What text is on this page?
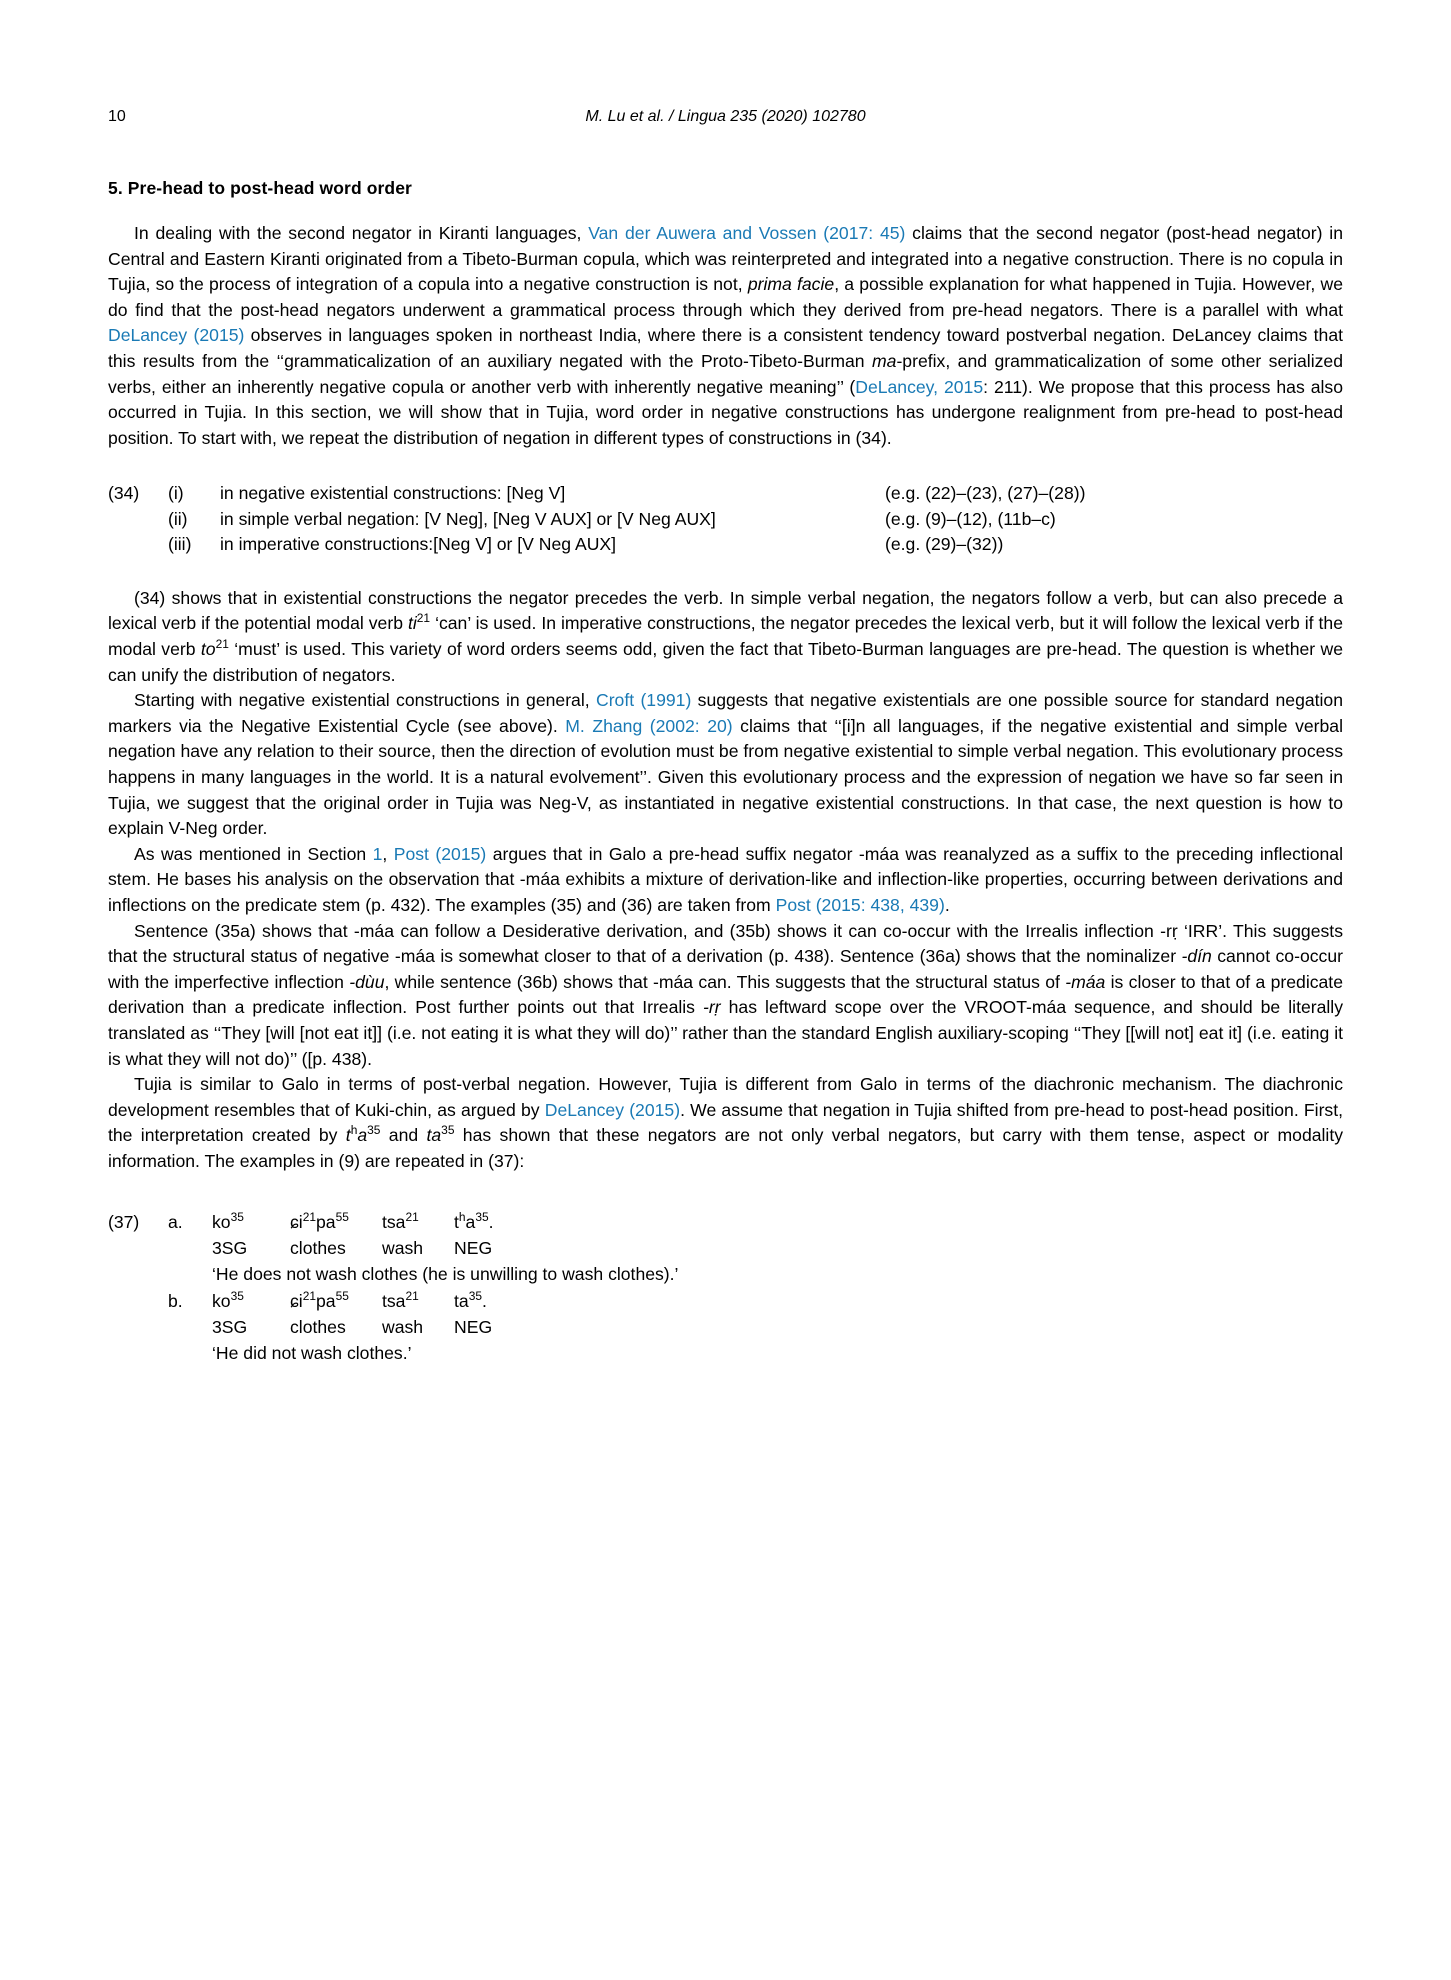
10	M. Lu et al. / Lingua 235 (2020) 102780
5. Pre-head to post-head word order

In dealing with the second negator in Kiranti languages, Van der Auwera and Vossen (2017: 45) claims that the second negator (post-head negator) in Central and Eastern Kiranti originated from a Tibeto-Burman copula, which was reinterpreted and integrated into a negative construction. There is no copula in Tujia, so the process of integration of a copula into a negative construction is not, prima facie, a possible explanation for what happened in Tujia. However, we do find that the post-head negators underwent a grammatical process through which they derived from pre-head negators. There is a parallel with what DeLancey (2015) observes in languages spoken in northeast India, where there is a consistent tendency toward postverbal negation. DeLancey claims that this results from the ‘‘grammaticalization of an auxiliary negated with the Proto-Tibeto-Burman ma-prefix, and grammaticalization of some other serialized verbs, either an inherently negative copula or another verb with inherently negative meaning’’ (DeLancey, 2015: 211). We propose that this process has also occurred in Tujia. In this section, we will show that in Tujia, word order in negative constructions has undergone realignment from pre-head to post-head position. To start with, we repeat the distribution of negation in different types of constructions in (34).

(34)	(i)	in negative existential constructions: [Neg V]	(e.g. (22)–(23), (27)–(28))
(ii)	in simple verbal negation: [V Neg], [Neg V AUX] or [V Neg AUX]	(e.g. (9)–(12), (11b–c)
(iii)	in imperative constructions:[Neg V] or [V Neg AUX]	(e.g. (29)–(32))

(34) shows that in existential constructions the negator precedes the verb. In simple verbal negation, the negators follow a verb, but can also precede a lexical verb if the potential modal verb $ti^{21}$ ‘can’ is used. In imperative constructions, the negator precedes the lexical verb, but it will follow the lexical verb if the modal verb $to^{21}$ ‘must’ is used. This variety of word orders seems odd, given the fact that Tibeto-Burman languages are pre-head. The question is whether we can unify the distribution of negators.

Starting with negative existential constructions in general, Croft (1991) suggests that negative existentials are one possible source for standard negation markers via the Negative Existential Cycle (see above). M. Zhang (2002: 20) claims that ‘‘[i]n all languages, if the negative existential and simple verbal negation have any relation to their source, then the direction of evolution must be from negative existential to simple verbal negation. This evolutionary process happens in many languages in the world. It is a natural evolvement’’. Given this evolutionary process and the expression of negation we have so far seen in Tujia, we suggest that the original order in Tujia was Neg-V, as instantiated in negative existential constructions. In that case, the next question is how to explain V-Neg order.

As was mentioned in Section 1, Post (2015) argues that in Galo a pre-head suffix negator -máa was reanalyzed as a suffix to the preceding inflectional stem. He bases his analysis on the observation that -máa exhibits a mixture of derivation-like and inflection-like properties, occurring between derivations and inflections on the predicate stem (p. 432). The examples (35) and (36) are taken from Post (2015: 438, 439).

Sentence (35a) shows that -máa can follow a Desiderative derivation, and (35b) shows it can co-occur with the Irrealis inflection -rṛ ‘IRR’. This suggests that the structural status of negative -máa is somewhat closer to that of a derivation (p. 438). Sentence (36a) shows that the nominalizer -dín cannot co-occur with the imperfective inflection -dùu, while sentence (36b) shows that -máa can. This suggests that the structural status of -máa is closer to that of a predicate derivation than a predicate inflection. Post further points out that Irrealis -rṛ has leftward scope over the VROOT-máa sequence, and should be literally translated as ‘‘They [will [not eat it]] (i.e. not eating it is what they will do)’’ rather than the standard English auxiliary-scoping ‘‘They [[will not] eat it] (i.e. eating it is what they will not do)’’ ([p. 438).

Tujia is similar to Galo in terms of post-verbal negation. However, Tujia is different from Galo in terms of the diachronic mechanism. The diachronic development resembles that of Kuki-chin, as argued by DeLancey (2015). We assume that negation in Tujia shifted from pre-head to post-head position. First, the interpretation created by $t^ha^{35}$ and $ta^{35}$ has shown that these negators are not only verbal negators, but carry with them tense, aspect or modality information. The examples in (9) are repeated in (37):

(37)	a.	$ko^{35}$	$ɕi^{21}pa^{55}$	tsa$^{21}$	$t^ha^{35}$.
3SG	clothes	wash	NEG
‘He does not wash clothes (he is unwilling to wash clothes).’
b.	$ko^{35}$	$ɕi^{21}pa^{55}$	tsa$^{21}$	$ta^{35}$.
3SG	clothes	wash	NEG
‘He did not wash clothes.’
